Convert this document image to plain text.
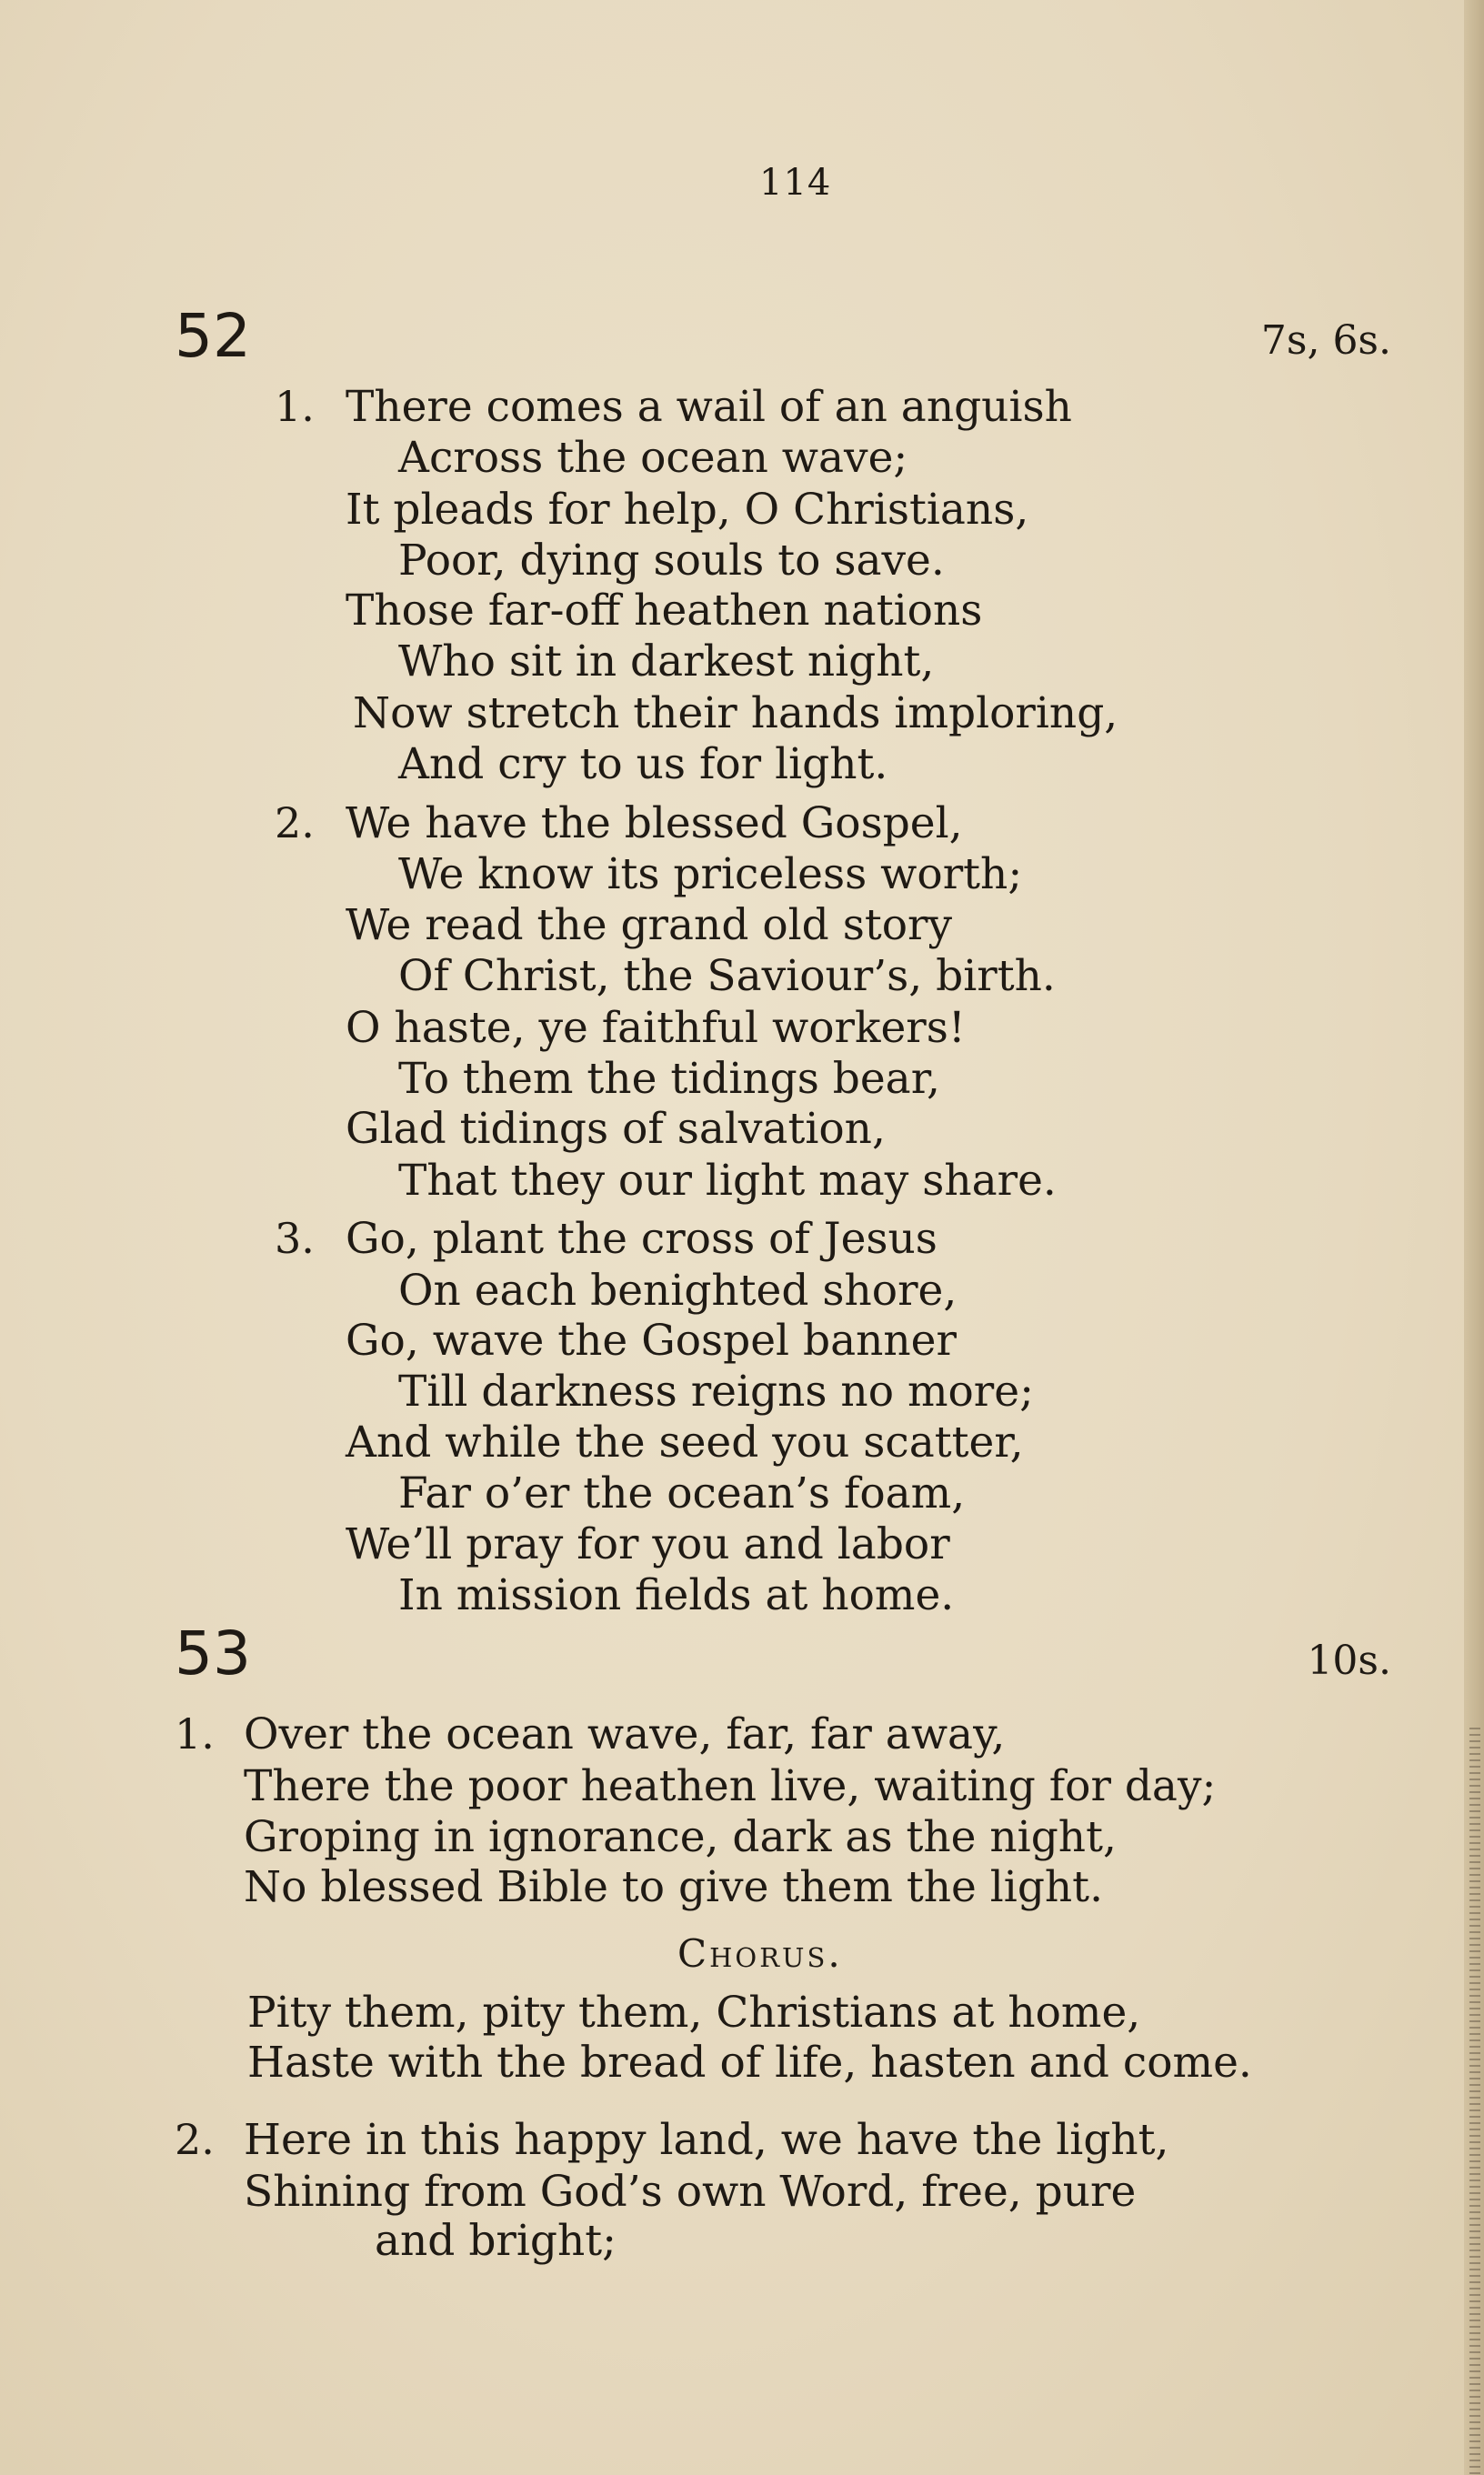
114
52	7s, 6s.
1. There comes a wail of an anguish
Across the ocean wave;
It pleads for help, O Christians,
Poor, dying souls to save.
Those far-off heathen nations
Who sit in darkest night,
Now stretch their hands imploring,
And cry to us for light.
2. We have the blessed Gospel,
We know its priceless worth;
We read the grand old story
Of Christ, the Saviour’s, birth.
O haste, ye faithful workers!
To them the tidings bear,
Glad tidings of salvation,
That they our light may share.
3. Go, plant the cross of Jesus
On each benighted shore,
Go, wave the Gospel banner
Till darkness reigns no more;
And while the seed you scatter,
Far o’er the ocean’s foam,
We’ll pray for you and labor
In mission fields at home.
53	10s.
1. Over the ocean wave, far, far away,
There the poor heathen live, waiting for day;
Groping in ignorance, dark as the night,
No blessed Bible to give them the light.
Chorus.
Pity them, pity them, Christians at home,
Haste with the bread of life, hasten and come.
2. Here in this happy land, we have the light,
Shining from God’s own Word, free, pure
and bright;
